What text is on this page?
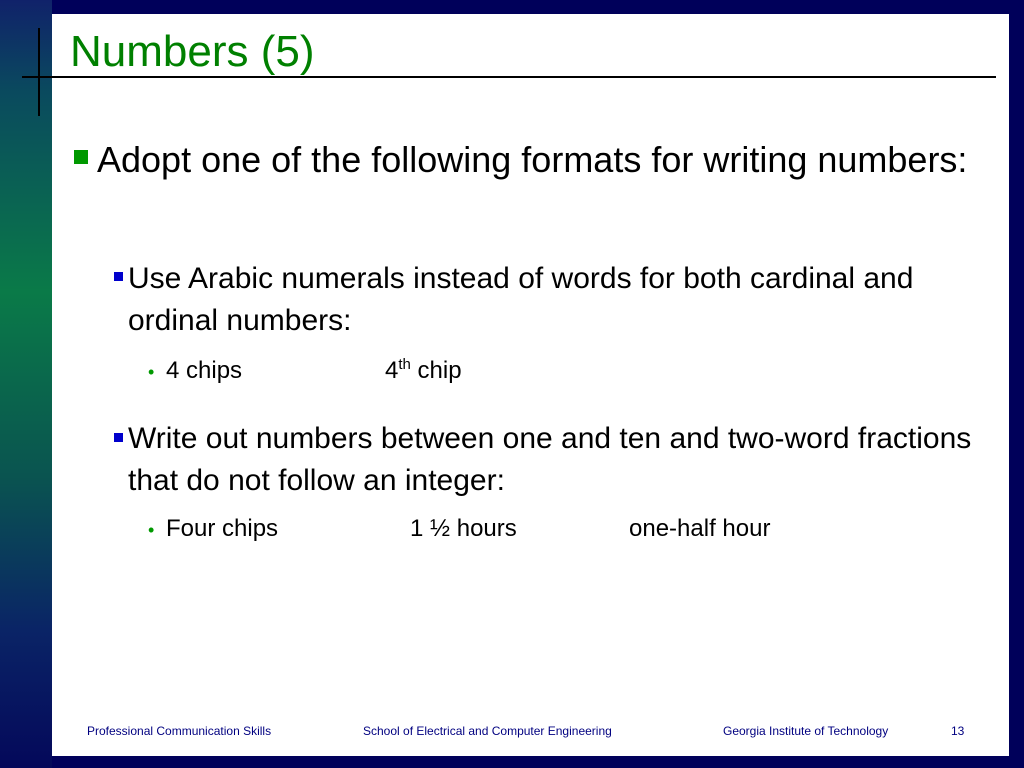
Numbers (5)
Adopt one of the following formats for writing numbers:
Use Arabic numerals instead of words for both cardinal and ordinal numbers:
• 4 chips	4th chip
Write out numbers between one and ten and two-word fractions that do not follow an integer:
• Four chips	1 ½ hours	one-half hour
Professional Communication Skills	School of Electrical and Computer Engineering	Georgia Institute of Technology	13
